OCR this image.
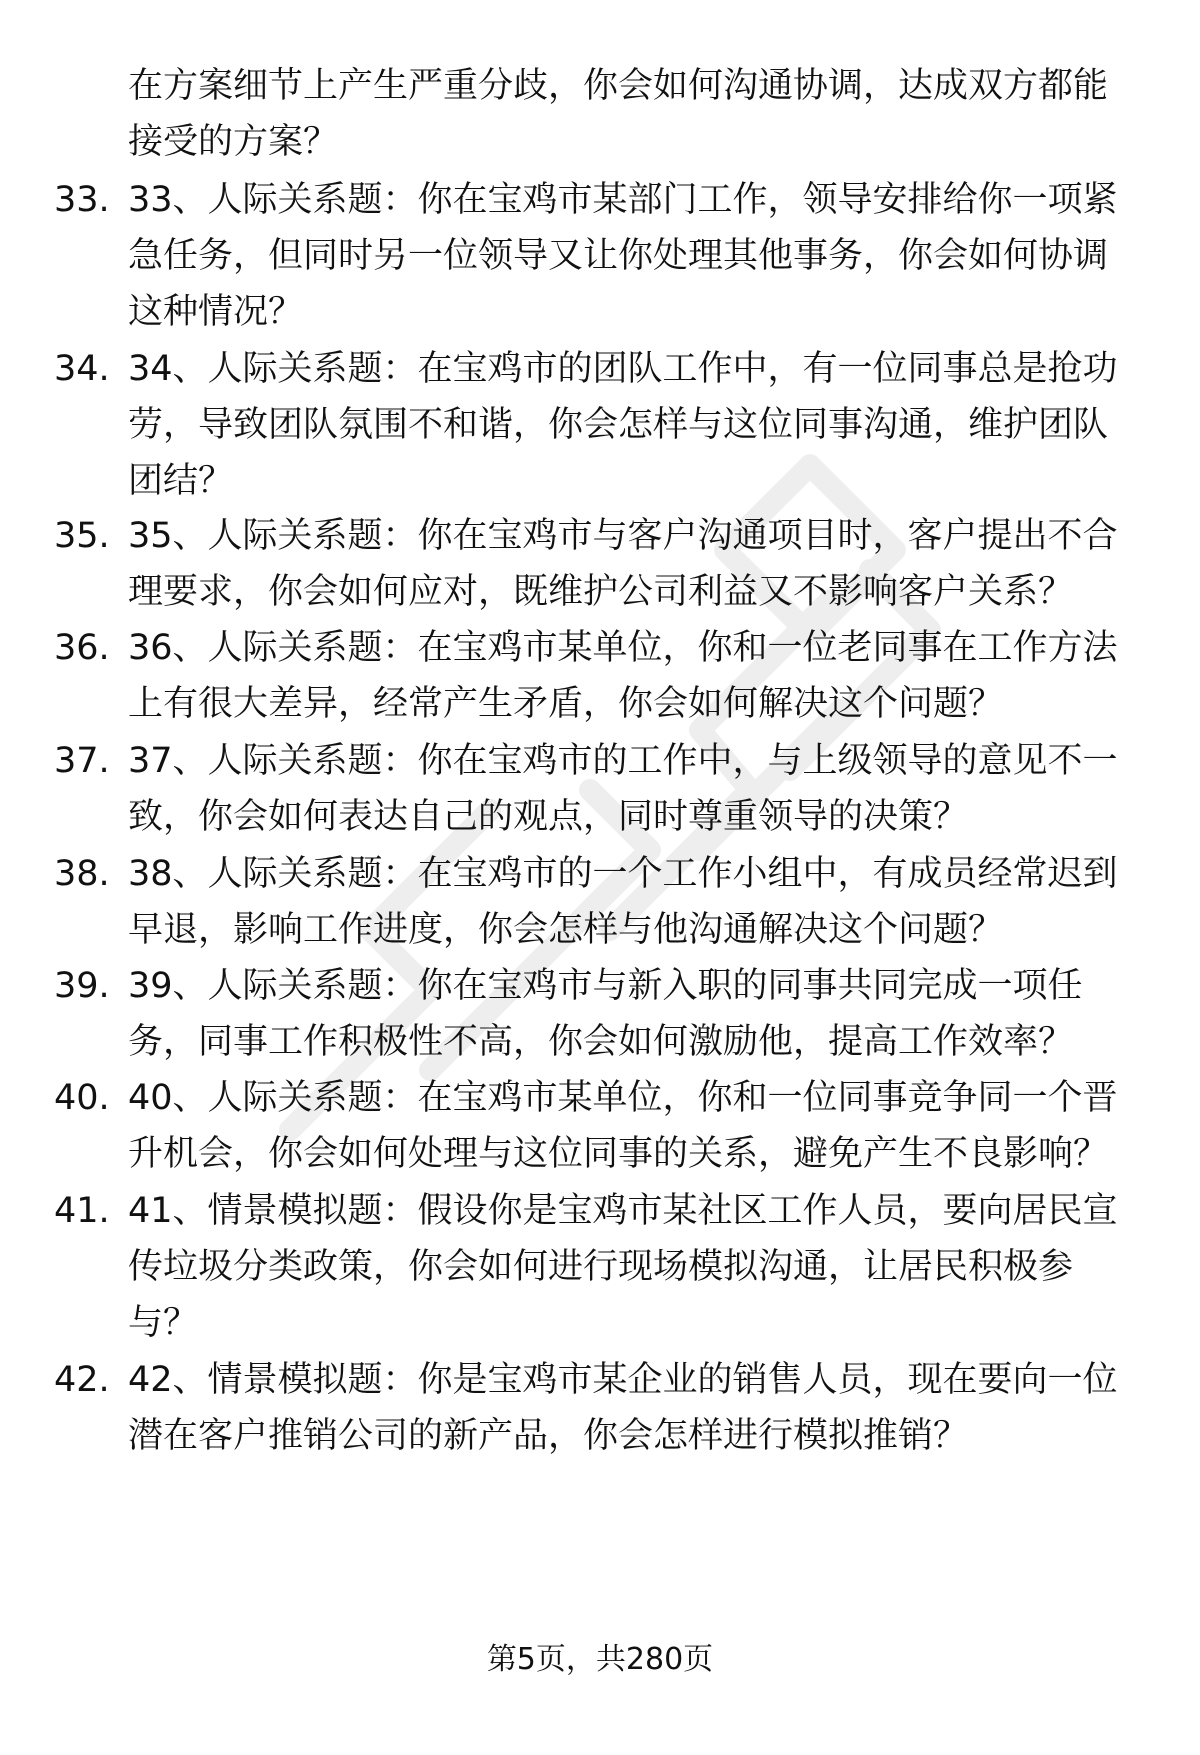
在方案细节上产生严重分歧，你会如何沟通协调，达成双方都能接受的方案？
33. 33、人际关系题：你在宝鸡市某部门工作，领导安排给你一项紧急任务，但同时另一位领导又让你处理其他事务，你会如何协调这种情况？
34. 34、人际关系题：在宝鸡市的团队工作中，有一位同事总是抢功劳，导致团队氛围不和谐，你会怎样与这位同事沟通，维护团队团结？
35. 35、人际关系题：你在宝鸡市与客户沟通项目时，客户提出不合理要求，你会如何应对，既维护公司利益又不影响客户关系？
36. 36、人际关系题：在宝鸡市某单位，你和一位老同事在工作方法上有很大差异，经常产生矛盾，你会如何解决这个问题？
37. 37、人际关系题：你在宝鸡市的工作中，与上级领导的意见不一致，你会如何表达自己的观点，同时尊重领导的决策？
38. 38、人际关系题：在宝鸡市的一个工作小组中，有成员经常迟到早退，影响工作进度，你会怎样与他沟通解决这个问题？
39. 39、人际关系题：你在宝鸡市与新入职的同事共同完成一项任务，同事工作积极性不高，你会如何激励他，提高工作效率？
40. 40、人际关系题：在宝鸡市某单位，你和一位同事竞争同一个晋升机会，你会如何处理与这位同事的关系，避免产生不良影响？
41. 41、情景模拟题：假设你是宝鸡市某社区工作人员，要向居民宣传垃圾分类政策，你会如何进行现场模拟沟通，让居民积极参与？
42. 42、情景模拟题：你是宝鸡市某企业的销售人员，现在要向一位潜在客户推销公司的新产品，你会怎样进行模拟推销？
第5页，共280页
